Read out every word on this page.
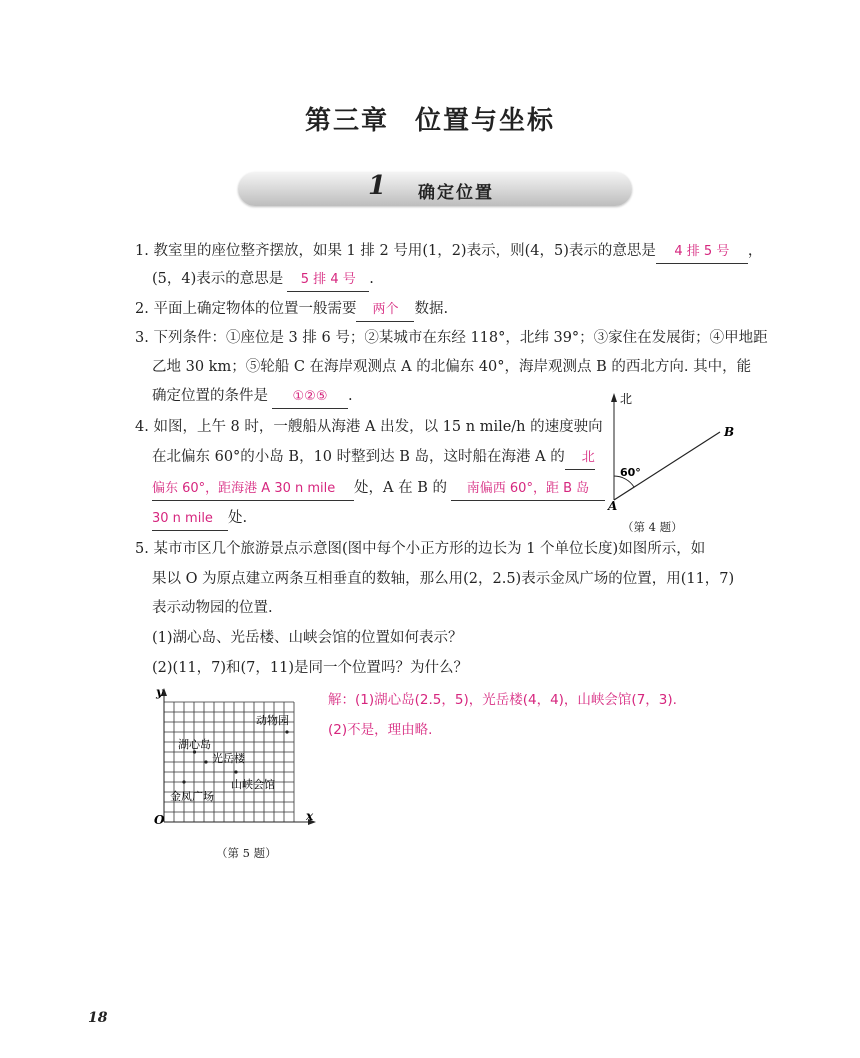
第三章 位置与坐标
1 确定位置
1. 教室里的座位整齐摆放，如果 1 排 2 号用(1，2)表示，则(4，5)表示的意思是 4 排 5 号 ，
(5，4)表示的意思是 5 排 4 号 .
2. 平面上确定物体的位置一般需要 两个 数据.
3. 下列条件：①座位是 3 排 6 号；②某城市在东经 118°，北纬 39°；③家住在发展街；④甲地距
乙地 30 km；⑤轮船 C 在海岸观测点 A 的北偏东 40°，海岸观测点 B 的西北方向. 其中，能
确定位置的条件是 ①②⑤ .
4. 如图，上午 8 时，一艘船从海港 A 出发，以 15 n mile/h 的速度驶向
在北偏东 60°的小岛 B，10 时整到达 B 岛，这时船在海港 A 的 北
偏东 60°，距海港 A 30 n mile 处，A 在 B 的 南偏西 60°，距 B 岛
30 n mile 处.
北
60°
B
A
（第 4 题）
5. 某市市区几个旅游景点示意图(图中每个小正方形的边长为 1 个单位长度)如图所示，如
果以 O 为原点建立两条互相垂直的数轴，那么用(2，2.5)表示金凤广场的位置，用(11，7)
表示动物园的位置.
(1)湖心岛、光岳楼、山峡会馆的位置如何表示？
(2)(11，7)和(7，11)是同一个位置吗？为什么？
解：(1)湖心岛(2.5，5)，光岳楼(4，4)，山峡会馆(7，3).
(2)不是，理由略.
y
x
O
动物园
湖心岛
光岳楼
山峡会馆
金凤广场
（第 5 题）
18
